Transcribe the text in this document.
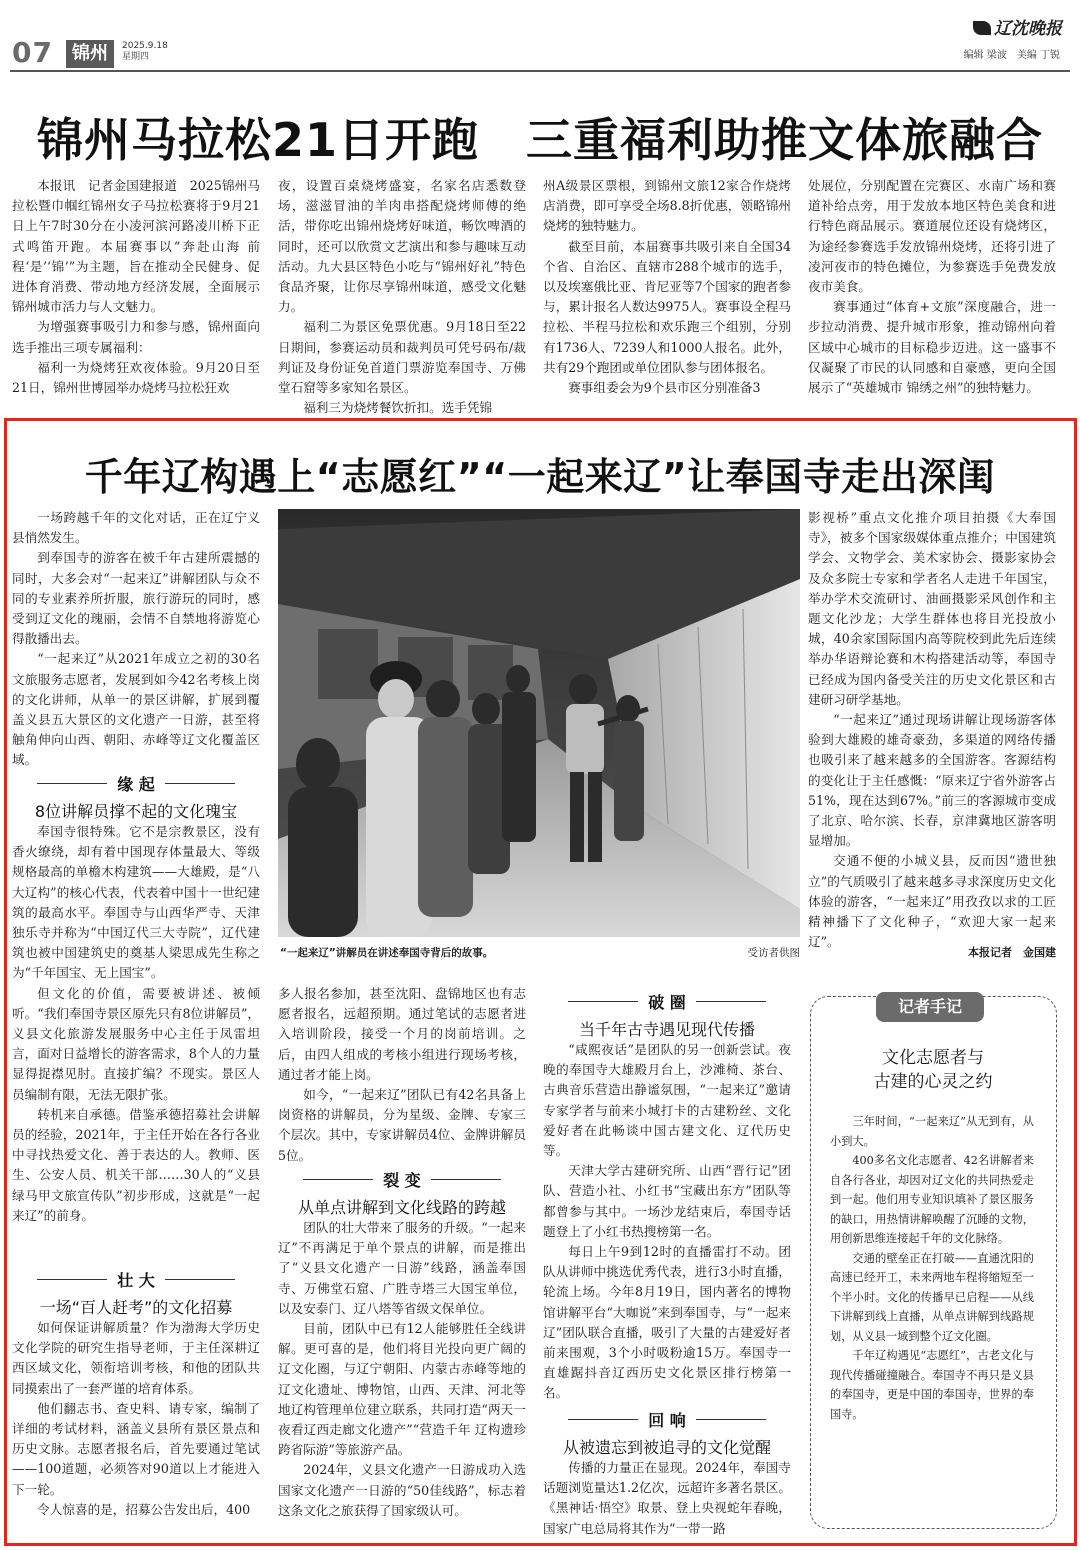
07	锦州	2025.9.18
星期四
辽沈晚报
编辑 梁波　美编 丁锐
锦州马拉松21日开跑　三重福利助推文体旅融合

本报讯　记者金国建报道　2025锦州马拉松暨巾帼红锦州女子马拉松赛将于9月21日上午7时30分在小凌河滨河路凌川桥下正式鸣笛开跑。本届赛事以“奔赴山海 前程‘是’‘锦’”为主题，旨在推动全民健身、促进体育消费、带动地方经济发展，全面展示锦州城市活力与人文魅力。

为增强赛事吸引力和参与感，锦州面向选手推出三项专属福利：

福利一为烧烤狂欢夜体验。9月20日至21日，锦州世博园举办烧烤马拉松狂欢

夜，设置百桌烧烤盛宴，名家名店悉数登场，滋滋冒油的羊肉串搭配烧烤师傅的绝活，带你吃出锦州烧烤好味道，畅饮啤酒的同时，还可以欣赏文艺演出和参与趣味互动活动。九大县区特色小吃与“锦州好礼”特色食品齐聚，让你尽享锦州味道，感受文化魅力。

福利二为景区免票优惠。9月18日至22日期间，参赛运动员和裁判员可凭号码布/裁判证及身份证免首道门票游览奉国寺、万佛堂石窟等多家知名景区。

福利三为烧烤餐饮折扣。选手凭锦

州A级景区票根，到锦州文旅12家合作烧烤店消费，即可享受全场8.8折优惠，领略锦州烧烤的独特魅力。

截至目前，本届赛事共吸引来自全国34个省、自治区、直辖市288个城市的选手，以及埃塞俄比亚、肯尼亚等7个国家的跑者参与，累计报名人数达9975人。赛事设全程马拉松、半程马拉松和欢乐跑三个组别，分别有1736人、7239人和1000人报名。此外，共有29个跑团或单位团队参与团体报名。

赛事组委会为9个县市区分别准备3

处展位，分别配置在完赛区、水南广场和赛道补给点旁，用于发放本地区特色美食和进行特色商品展示。赛道展位还设有烧烤区，为途经参赛选手发放锦州烧烤，还将引进了凌河夜市的特色摊位，为参赛选手免费发放夜市美食。

赛事通过“体育+文旅”深度融合，进一步拉动消费、提升城市形象，推动锦州向着区域中心城市的目标稳步迈进。这一盛事不仅凝聚了市民的认同感和自豪感，更向全国展示了“英雄城市 锦绣之州”的独特魅力。

千年辽构遇上“志愿红”“一起来辽”让奉国寺走出深闺

一场跨越千年的文化对话，正在辽宁义县悄然发生。

到奉国寺的游客在被千年古建所震撼的同时，大多会对“一起来辽”讲解团队与众不同的专业素养所折服，旅行游玩的同时，感受到辽文化的瑰丽，会情不自禁地将游览心得散播出去。

“一起来辽”从2021年成立之初的30名文旅服务志愿者，发展到如今42名考核上岗的文化讲师，从单一的景区讲解，扩展到覆盖义县五大景区的文化遗产一日游，甚至将触角伸向山西、朝阳、赤峰等辽文化覆盖区域。

缘 起
8位讲解员撑不起的文化瑰宝

奉国寺很特殊。它不是宗教景区，没有香火缭绕，却有着中国现存体量最大、等级规格最高的单檐木构建筑——大雄殿，是“八大辽构”的核心代表，代表着中国十一世纪建筑的最高水平。奉国寺与山西华严寺、天津独乐寺并称为“中国辽代三大寺院”，辽代建筑也被中国建筑史的奠基人梁思成先生称之为“千年国宝、无上国宝”。

但文化的价值，需要被讲述、被倾听。“我们奉国寺景区原先只有8位讲解员”，义县文化旅游发展服务中心主任于凤雷坦言，面对日益增长的游客需求，8个人的力量显得捉襟见肘。直接扩编？不现实。景区人员编制有限，无法无限扩张。

转机来自承德。借鉴承德招募社会讲解员的经验，2021年，于主任开始在各行各业中寻找热爱文化、善于表达的人。教师、医生、公安人员、机关干部……30人的“义县绿马甲文旅宣传队”初步形成，这就是“一起来辽”的前身。

壮 大
一场“百人赶考”的文化招募

如何保证讲解质量？作为渤海大学历史文化学院的研究生指导老师，于主任深耕辽西区域文化，领衔培训考核，和他的团队共同摸索出了一套严谨的培育体系。

他们翻志书、查史料、请专家，编制了详细的考试材料，涵盖义县所有景区景点和历史文脉。志愿者报名后，首先要通过笔试——100道题，必须答对90道以上才能进入下一轮。

令人惊喜的是，招募公告发出后，400

“一起来辽”讲解员在讲述奉国寺背后的故事。	受访者供图

多人报名参加，甚至沈阳、盘锦地区也有志愿者报名，远超预期。通过笔试的志愿者进入培训阶段，接受一个月的岗前培训。之后，由四人组成的考核小组进行现场考核，通过者才能上岗。

如今，“一起来辽”团队已有42名具备上岗资格的讲解员，分为星级、金牌、专家三个层次。其中，专家讲解员4位、金牌讲解员5位。

裂 变
从单点讲解到文化线路的跨越

团队的壮大带来了服务的升级。“一起来辽”不再满足于单个景点的讲解，而是推出了“义县文化遗产一日游”线路，涵盖奉国寺、万佛堂石窟、广胜寺塔三大国宝单位，以及安泰门、辽八塔等省级文保单位。

目前，团队中已有12人能够胜任全线讲解。更可喜的是，他们将目光投向更广阔的辽文化圈，与辽宁朝阳、内蒙古赤峰等地的辽文化遗址、博物馆，山西、天津、河北等地辽构管理单位建立联系，共同打造“两天一夜看辽西走廊文化遗产”“营造千年 辽构遗珍跨省际游”等旅游产品。

2024年，义县文化遗产一日游成功入选国家文化遗产一日游的“50佳线路”，标志着这条文化之旅获得了国家级认可。

破 圈
当千年古寺遇见现代传播

“咸熙夜话”是团队的另一创新尝试。夜晚的奉国寺大雄殿月台上，沙滩椅、茶台、古典音乐营造出静谧氛围，“一起来辽”邀请专家学者与前来小城打卡的古建粉丝、文化爱好者在此畅谈中国古建文化、辽代历史等。

天津大学古建研究所、山西“晋行记”团队、营造小社、小红书“宝藏出东方”团队等都曾参与其中。一场沙龙结束后，奉国寺话题登上了小红书热搜榜第一名。

每日上午9到12时的直播雷打不动。团队从讲师中挑选优秀代表，进行3小时直播，轮流上场。今年8月19日，国内著名的博物馆讲解平台“大咖说”来到奉国寺，与“一起来辽”团队联合直播，吸引了大量的古建爱好者前来围观，3个小时吸粉逾15万。奉国寺一直雄踞抖音辽西历史文化景区排行榜第一名。

回 响
从被遗忘到被追寻的文化觉醒

传播的力量正在显现。2024年，奉国寺话题浏览量达1.2亿次，远超许多著名景区。《黑神话·悟空》取景、登上央视蛇年春晚，国家广电总局将其作为“一带一路

影视桥”重点文化推介项目拍摄《大奉国寺》，被多个国家级媒体重点推介；中国建筑学会、文物学会、美术家协会、摄影家协会及众多院士专家和学者名人走进千年国宝，举办学术交流研讨、油画摄影采风创作和主题文化沙龙；大学生群体也将目光投放小城，40余家国际国内高等院校到此先后连续举办华语辩论赛和木构搭建活动等，奉国寺已经成为国内备受关注的历史文化景区和古建研习研学基地。

“一起来辽”通过现场讲解让现场游客体验到大雄殿的雄奇豪劲，多渠道的网络传播也吸引来了越来越多的全国游客。客源结构的变化让于主任感慨：“原来辽宁省外游客占51%，现在达到67%。”前三的客源城市变成了北京、哈尔滨、长春，京津冀地区游客明显增加。

交通不便的小城义县，反而因“遗世独立”的气质吸引了越来越多寻求深度历史文化体验的游客，“一起来辽”用孜孜以求的工匠精神播下了文化种子，“欢迎大家一起来辽”。

本报记者　金国建
记者手记
文化志愿者与
古建的心灵之约

三年时间，“一起来辽”从无到有，从小到大。

400多名文化志愿者、42名讲解者来自各行各业，却因对辽文化的共同热爱走到一起。他们用专业知识填补了景区服务的缺口，用热情讲解唤醒了沉睡的文物，用创新思维连接起千年的文化脉络。

交通的壁垒正在打破——直通沈阳的高速已经开工，未来两地车程将缩短至一个半小时。文化的传播早已启程——从线下讲解到线上直播，从单点讲解到线路规划，从义县一域到整个辽文化圈。

千年辽构遇见“志愿红”，古老文化与现代传播碰撞融合。奉国寺不再只是义县的奉国寺，更是中国的奉国寺，世界的奉国寺。
